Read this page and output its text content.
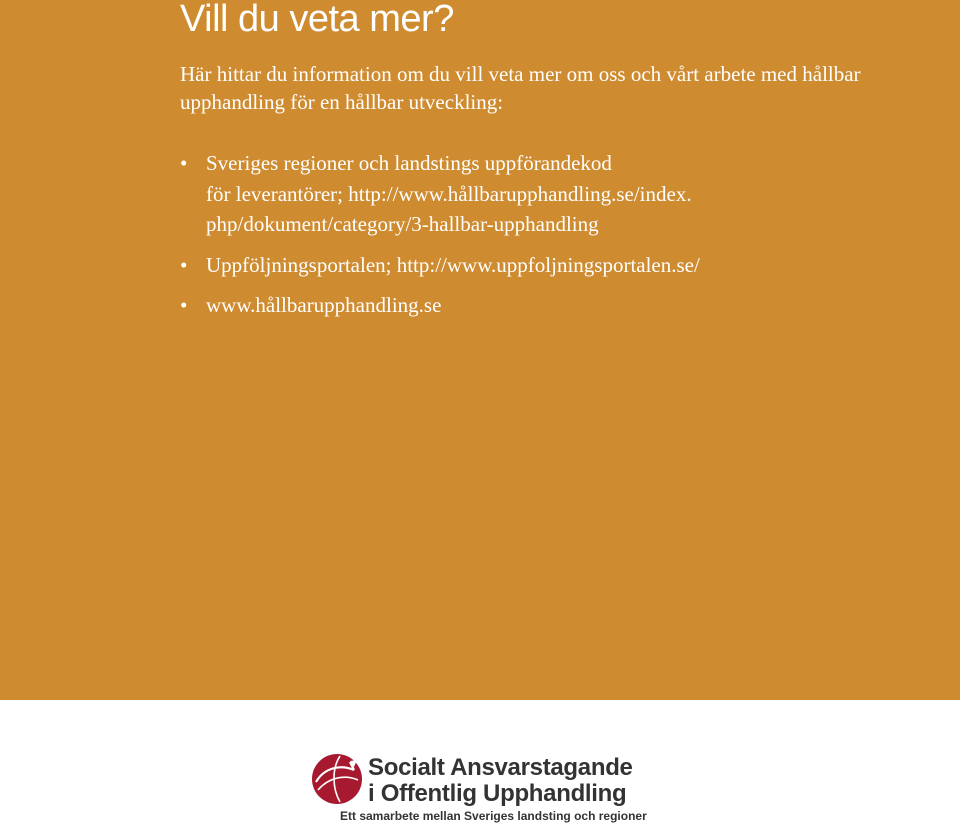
Vill du veta mer?

Här hittar du information om du vill veta mer om oss och vårt arbete med hållbar upphandling för en hållbar utveckling:

• Sveriges regioner och landstings uppförandekod
för leverantörer; http://www.hållbarupphandling.se/index.
php/dokument/category/3-hallbar-upphandling
• Uppföljningsportalen; http://www.uppfoljningsportalen.se/
• www.hållbarupphandling.se
Socialt Ansvarstagande
i Offentlig Upphandling
Ett samarbete mellan Sveriges landsting och regioner
